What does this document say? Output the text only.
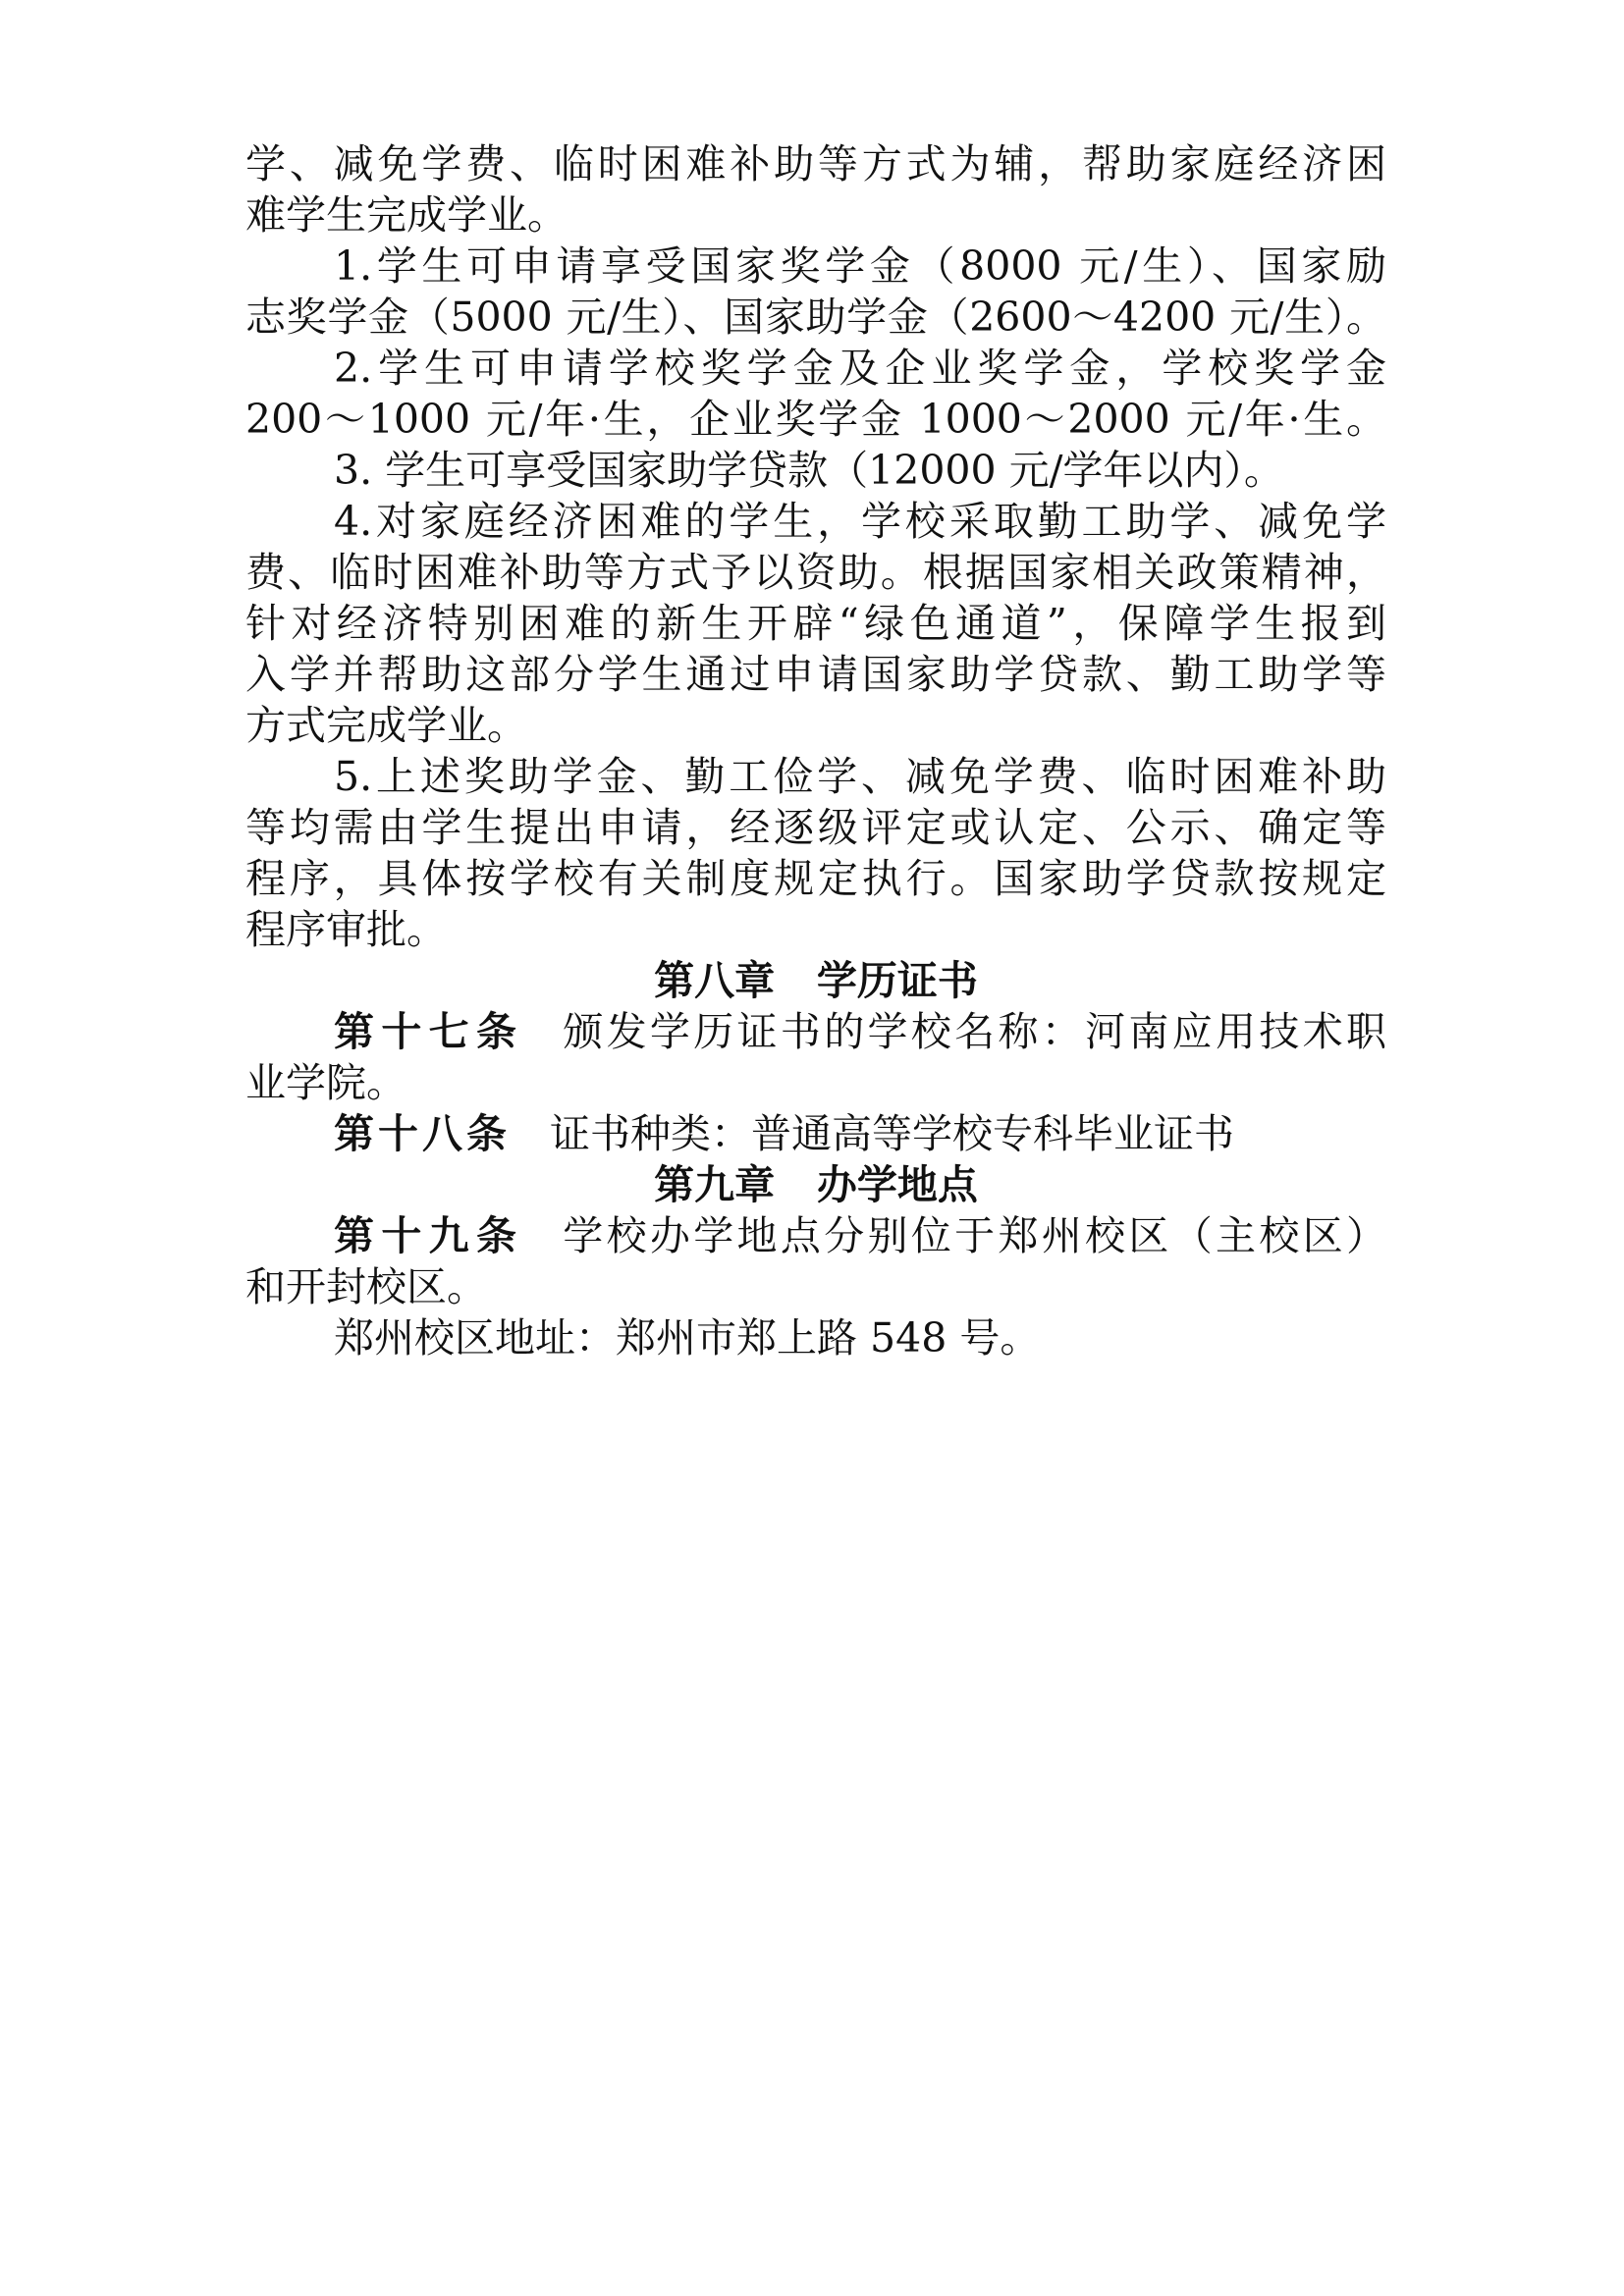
学、减免学费、临时困难补助等方式为辅，帮助家庭经济困
难学生完成学业。
1.学生可申请享受国家奖学金（8000 元/生）、国家励
志奖学金（5000 元/生）、国家助学金（2600～4200 元/生）。
2.学生可申请学校奖学金及企业奖学金，学校奖学金
200～1000 元/年·生，企业奖学金 1000～2000 元/年·生。
3. 学生可享受国家助学贷款（12000 元/学年以内）。
4.对家庭经济困难的学生，学校采取勤工助学、减免学
费、临时困难补助等方式予以资助。根据国家相关政策精神，
针对经济特别困难的新生开辟“绿色通道”，保障学生报到
入学并帮助这部分学生通过申请国家助学贷款、勤工助学等
方式完成学业。
5.上述奖助学金、勤工俭学、减免学费、临时困难补助
等均需由学生提出申请，经逐级评定或认定、公示、确定等
程序，具体按学校有关制度规定执行。国家助学贷款按规定
程序审批。
第八章   学历证书
第十七条 颁发学历证书的学校名称：河南应用技术职
业学院。
第十八条 证书种类：普通高等学校专科毕业证书
第九章   办学地点
第十九条 学校办学地点分别位于郑州校区（主校区）
和开封校区。
郑州校区地址：郑州市郑上路 548 号。
